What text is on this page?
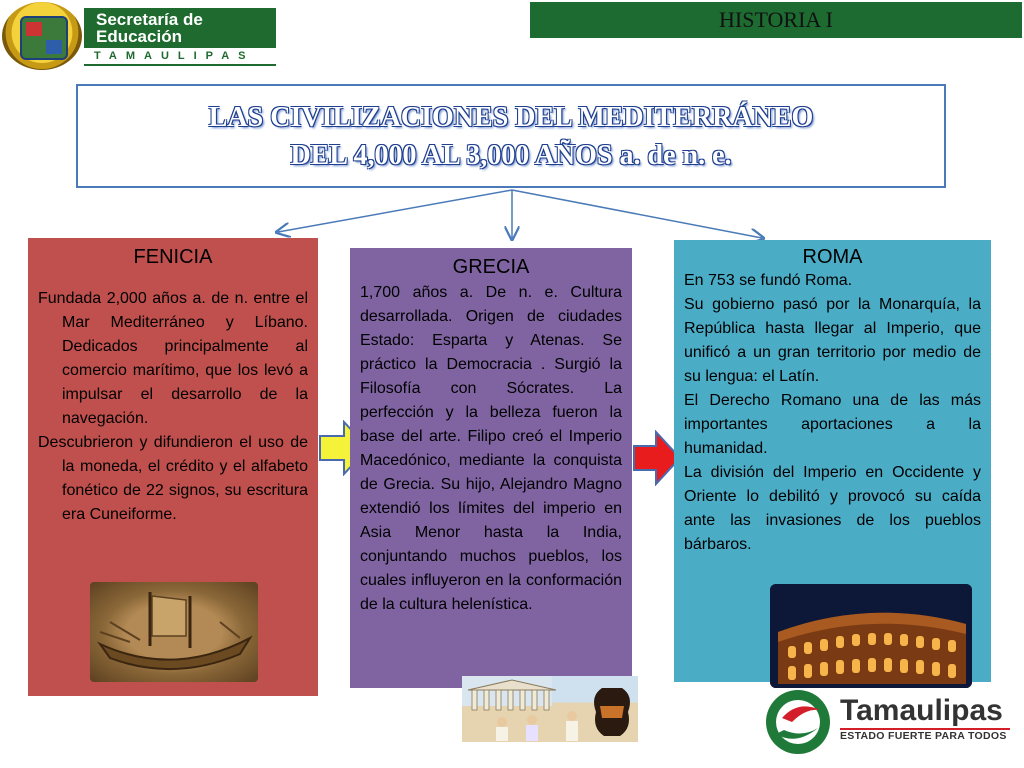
Secretaría de
Educación
TAMAULIPAS
HISTORIA I
LAS CIVILIZACIONES DEL MEDITERRÁNEO
DEL 4,000 AL 3,000 AÑOS a. de n. e.
FENICIA

Fundada 2,000 años a. de n. entre el Mar Mediterráneo y Líbano. Dedicados principalmente al comercio marítimo, que los levó a impulsar el desarrollo de la navegación.

Descubrieron y difundieron el uso de la moneda, el crédito y el alfabeto fonético de 22 signos, su escritura era Cuneiforme.

GRECIA

1,700 años a. De n. e. Cultura desarrollada. Origen de ciudades Estado: Esparta y Atenas. Se práctico la Democracia . Surgió la Filosofía con Sócrates. La perfección y la belleza fueron la base del arte. Filipo creó el Imperio Macedónico, mediante la conquista de Grecia. Su hijo, Alejandro Magno extendió los límites del imperio en Asia Menor hasta la India, conjuntando muchos pueblos, los cuales influyeron en la conformación de la cultura helenística.

ROMA

En 753 se fundó Roma.

Su gobierno pasó por la Monarquía, la República hasta llegar al Imperio, que unificó a un gran territorio por medio de su lengua: el Latín.

El Derecho Romano una de las más importantes aportaciones a la humanidad.

La división del Imperio en Occidente y Oriente lo debilitó y provocó su caída ante las invasiones de los pueblos bárbaros.

Tamaulipas
ESTADO FUERTE PARA TODOS
